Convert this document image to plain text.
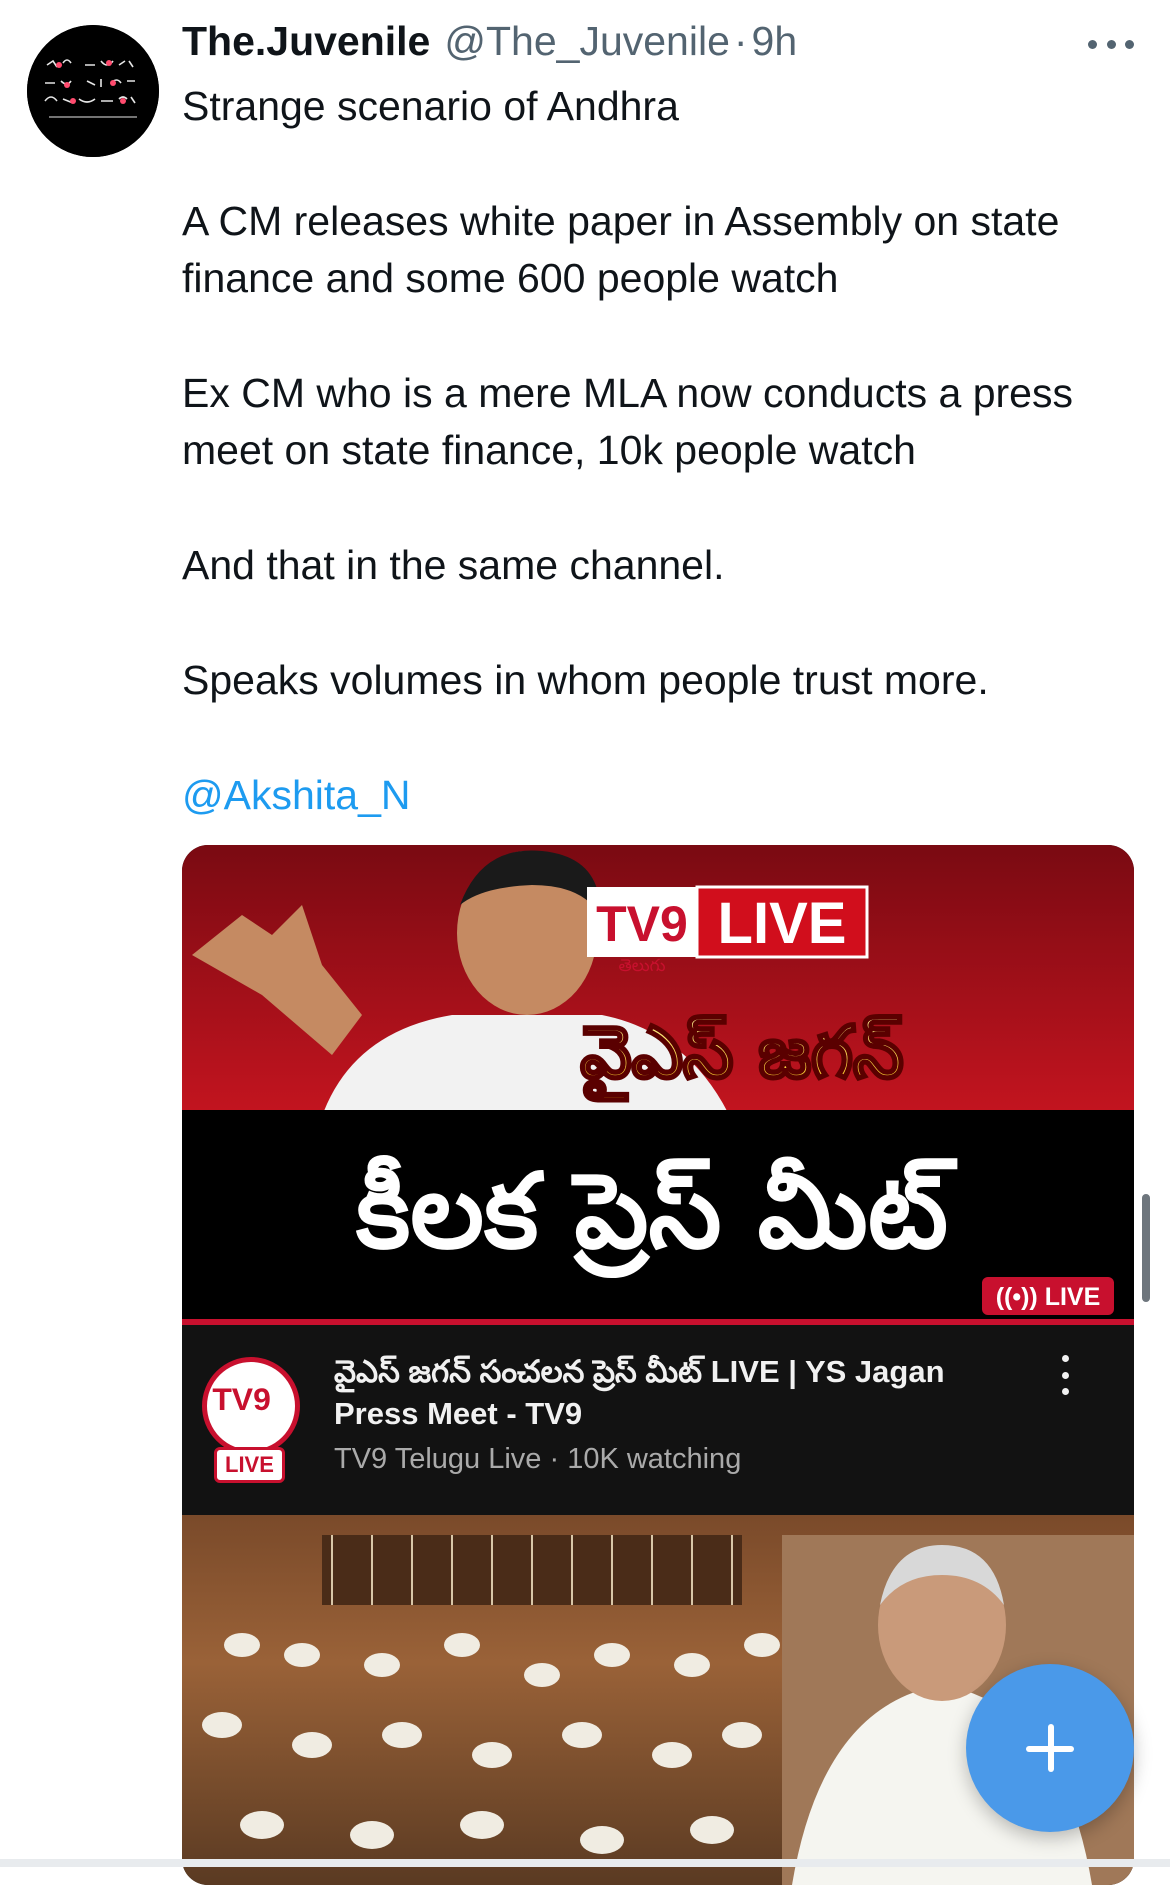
The.Juvenile @The_Juvenile · 9h

Strange scenario of Andhra

A CM releases white paper in Assembly on state finance and some 600 people watch

Ex CM who is a mere MLA now conducts a press meet on state finance, 10k people watch

And that in the same channel.

Speaks volumes in whom people trust more.

@Akshita_N

TV9
తెలుగు
LIVE
వైఎస్ జగన్
కీలక ప్రెస్ మీట్
((•)) LIVE
TV9
LIVE
వైఎస్ జగన్ సంచలన ప్రెస్ మీట్ LIVE | YS Jagan Press Meet - TV9
TV9 Telugu Live · 10K watching
